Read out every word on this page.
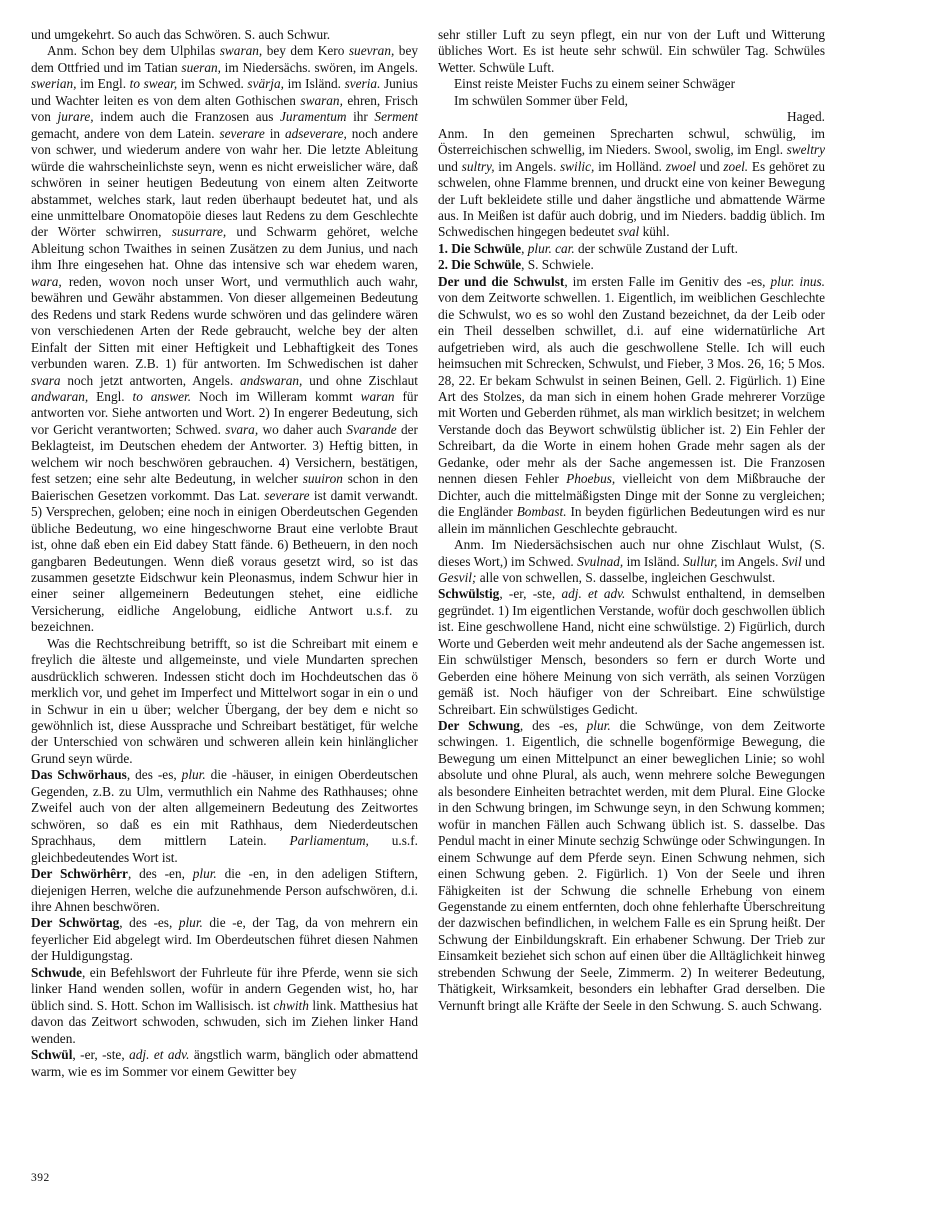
und umgekehrt. So auch das Schwören. S. auch Schwur.

Anm. Schon bey dem Ulphilas swaran, bey dem Kero suevran, bey dem Ottfried und im Tatian sueran, im Niedersächs. swören, im Angels. swerian, im Engl. to swear, im Schwed. svärja, im Isländ. sveria. Junius und Wachter leiten es von dem alten Gothischen swaran, ehren, Frisch von jurare, indem auch die Franzosen aus Juramentum ihr Serment gemacht, andere von dem Latein. severare in adseverare, noch andere von schwer, und wiederum andere von wahr her. Die letzte Ableitung würde die wahrscheinlichste seyn, wenn es nicht erweislicher wäre, daß schwören in seiner heutigen Bedeutung von einem alten Zeitworte abstammet, welches stark, laut reden überhaupt bedeutet hat, und als eine unmittelbare Onomatopöie dieses laut Redens zu dem Geschlechte der Wörter schwirren, susurrare, und Schwarm gehöret, welche Ableitung schon Twaithes in seinen Zusätzen zu dem Junius, und nach ihm Ihre eingesehen hat. Ohne das intensive sch war ehedem waren, wara, reden, wovon noch unser Wort, und vermuthlich auch wahr, bewähren und Gewähr abstammen. Von dieser allgemeinen Bedeutung des Redens und stark Redens wurde schwören und das gelindere wären von verschiedenen Arten der Rede gebraucht, welche bey der alten Einfalt der Sitten mit einer Heftigkeit und Lebhaftigkeit des Tones verbunden waren. Z.B. 1) für antworten. Im Schwedischen ist daher svara noch jetzt antworten, Angels. andswaran, und ohne Zischlaut andwaran, Engl. to answer. Noch im Willeram kommt waran für antworten vor. Siehe antworten und Wort. 2) In engerer Bedeutung, sich vor Gericht verantworten; Schwed. svara, wo daher auch Svarande der Beklagteist, im Deutschen ehedem der Antworter. 3) Heftig bitten, in welchem wir noch beschwören gebrauchen. 4) Versichern, bestätigen, fest setzen; eine sehr alte Bedeutung, in welcher suuiron schon in den Baierischen Gesetzen vorkommt. Das Lat. severare ist damit verwandt. 5) Versprechen, geloben; eine noch in einigen Oberdeutschen Gegenden übliche Bedeutung, wo eine hingeschworne Braut eine verlobte Braut ist, ohne daß eben ein Eid dabey Statt fände. 6) Betheuern, in den noch gangbaren Bedeutungen. Wenn dieß voraus gesetzt wird, so ist das zusammen gesetzte Eidschwur kein Pleonasmus, indem Schwur hier in einer seiner allgemeinern Bedeutungen stehet, eine eidliche Versicherung, eidliche Angelobung, eidliche Antwort u.s.f. zu bezeichnen.

Was die Rechtschreibung betrifft, so ist die Schreibart mit einem e freylich die älteste und allgemeinste, und viele Mundarten sprechen ausdrücklich schweren. Indessen sticht doch im Hochdeutschen das ö merklich vor, und gehet im Imperfect und Mittelwort sogar in ein o und in Schwur in ein u über; welcher Übergang, der bey dem e nicht so gewöhnlich ist, diese Aussprache und Schreibart bestätiget, für welche der Unterschied von schwären und schweren allein kein hinlänglicher Grund seyn würde.

Das Schwörhaus, des -es, plur. die -häuser, in einigen Oberdeutschen Gegenden, z.B. zu Ulm, vermuthlich ein Nahme des Rathhauses; ohne Zweifel auch von der alten allgemeinern Bedeutung des Zeitwortes schwören, so daß es ein mit Rathhaus, dem Niederdeutschen Sprachhaus, dem mittlern Latein. Parliamentum, u.s.f. gleichbedeutendes Wort ist.

Der Schwörhêrr, des -en, plur. die -en, in den adeligen Stiftern, diejenigen Herren, welche die aufzunehmende Person aufschwören, d.i. ihre Ahnen beschwören.

Der Schwörtag, des -es, plur. die -e, der Tag, da von mehrern ein feyerlicher Eid abgelegt wird. Im Oberdeutschen führet diesen Nahmen der Huldigungstag.

Schwude, ein Befehlswort der Fuhrleute für ihre Pferde, wenn sie sich linker Hand wenden sollen, wofür in andern Gegenden wist, ho, har üblich sind. S. Hott. Schon im Wallisisch. ist chwith link. Matthesius hat davon das Zeitwort schwoden, schwuden, sich im Ziehen linker Hand wenden.

Schwül, -er, -ste, adj. et adv. ängstlich warm, bänglich oder abmattend warm, wie es im Sommer vor einem Gewitter bey

sehr stiller Luft zu seyn pflegt, ein nur von der Luft und Witterung übliches Wort. Es ist heute sehr schwül. Ein schwüler Tag. Schwüles Wetter. Schwüle Luft.

Einst reiste Meister Fuchs zu einem seiner Schwäger

Im schwülen Sommer über Feld,

Haged.

Anm. In den gemeinen Sprecharten schwul, schwülig, im Österreichischen schwellig, im Nieders. Swool, swolig, im Engl. sweltry und sultry, im Angels. swilic, im Holländ. zwoel und zoel. Es gehöret zu schwelen, ohne Flamme brennen, und druckt eine von keiner Bewegung der Luft bekleidete stille und daher ängstliche und abmattende Wärme aus. In Meißen ist dafür auch dobrig, und im Nieders. baddig üblich. Im Schwedischen hingegen bedeutet sval kühl.

1. Die Schwüle, plur. car. der schwüle Zustand der Luft.

2. Die Schwüle, S. Schwiele.

Der und die Schwulst, im ersten Falle im Genitiv des -es, plur. inus. von dem Zeitworte schwellen. 1. Eigentlich, im weiblichen Geschlechte die Schwulst, wo es so wohl den Zustand bezeichnet, da der Leib oder ein Theil desselben schwillet, d.i. auf eine widernatürliche Art aufgetrieben wird, als auch die geschwollene Stelle. Ich will euch heimsuchen mit Schrecken, Schwulst, und Fieber, 3 Mos. 26, 16; 5 Mos. 28, 22. Er bekam Schwulst in seinen Beinen, Gell. 2. Figürlich. 1) Eine Art des Stolzes, da man sich in einem hohen Grade mehrerer Vorzüge mit Worten und Geberden rühmet, als man wirklich besitzet; in welchem Verstande doch das Beywort schwülstig üblicher ist. 2) Ein Fehler der Schreibart, da die Worte in einem hohen Grade mehr sagen als der Gedanke, oder mehr als der Sache angemessen ist. Die Franzosen nennen diesen Fehler Phoebus, vielleicht von dem Mißbrauche der Dichter, auch die mittelmäßigsten Dinge mit der Sonne zu vergleichen; die Engländer Bombast. In beyden figürlichen Bedeutungen wird es nur allein im männlichen Geschlechte gebraucht.

Anm. Im Niedersächsischen auch nur ohne Zischlaut Wulst, (S. dieses Wort,) im Schwed. Svulnad, im Isländ. Sullur, im Angels. Svil und Gesvil; alle von schwellen, S. dasselbe, ingleichen Geschwulst.

Schwülstig, -er, -ste, adj. et adv. Schwulst enthaltend, in demselben gegründet. 1) Im eigentlichen Verstande, wofür doch geschwollen üblich ist. Eine geschwollene Hand, nicht eine schwülstige. 2) Figürlich, durch Worte und Geberden weit mehr andeutend als der Sache angemessen ist. Ein schwülstiger Mensch, besonders so fern er durch Worte und Geberden eine höhere Meinung von sich verräth, als seinen Vorzügen gemäß ist. Noch häufiger von der Schreibart. Eine schwülstige Schreibart. Ein schwülstiges Gedicht.

Der Schwung, des -es, plur. die Schwünge, von dem Zeitworte schwingen. 1. Eigentlich, die schnelle bogenförmige Bewegung, die Bewegung um einen Mittelpunct an einer beweglichen Linie; so wohl absolute und ohne Plural, als auch, wenn mehrere solche Bewegungen als besondere Einheiten betrachtet werden, mit dem Plural. Eine Glocke in den Schwung bringen, im Schwunge seyn, in den Schwung kommen; wofür in manchen Fällen auch Schwang üblich ist. S. dasselbe. Das Pendul macht in einer Minute sechzig Schwünge oder Schwingungen. In einem Schwunge auf dem Pferde seyn. Einen Schwung nehmen, sich einen Schwung geben. 2. Figürlich. 1) Von der Seele und ihren Fähigkeiten ist der Schwung die schnelle Erhebung von einem Gegenstande zu einem entfernten, doch ohne fehlerhafte Überschreitung der dazwischen befindlichen, in welchem Falle es ein Sprung heißt. Der Schwung der Einbildungskraft. Ein erhabener Schwung. Der Trieb zur Einsamkeit beziehet sich schon auf einen über die Alltäglichkeit hinweg strebenden Schwung der Seele, Zimmerm. 2) In weiterer Bedeutung, Thätigkeit, Wirksamkeit, besonders ein lebhafter Grad derselben. Die Vernunft bringt alle Kräfte der Seele in den Schwung. S. auch Schwang.

392
